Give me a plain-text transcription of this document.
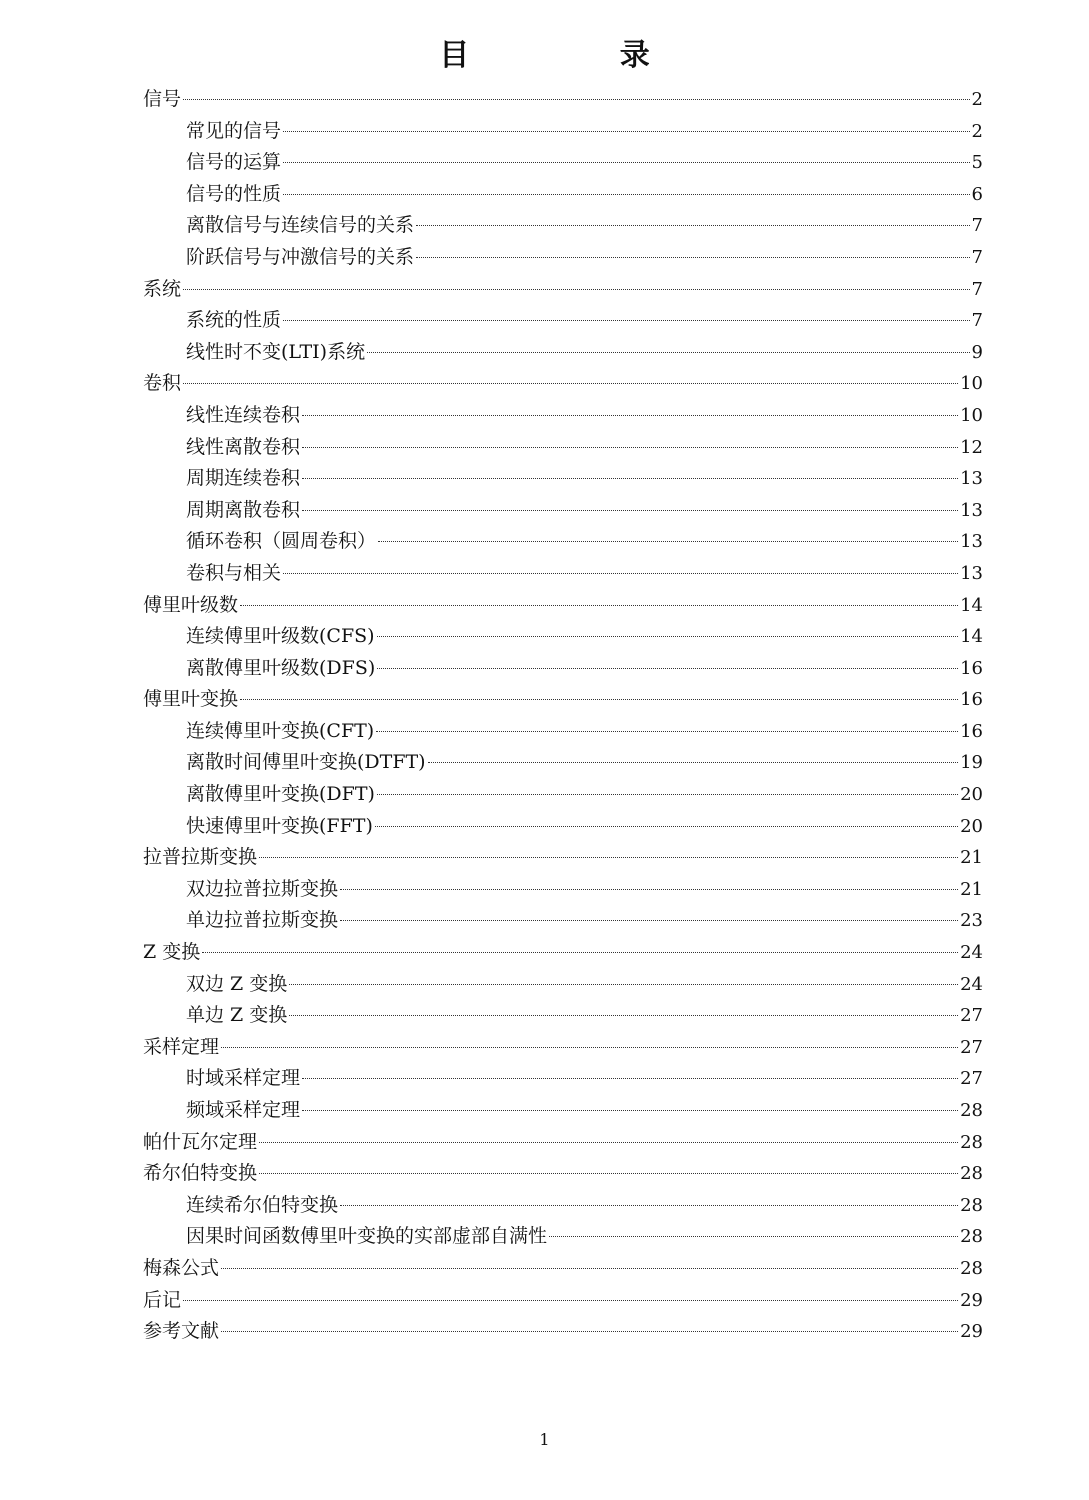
目 录
信号	2
常见的信号	2
信号的运算	5
信号的性质	6
离散信号与连续信号的关系	7
阶跃信号与冲激信号的关系	7
系统	7
系统的性质	7
线性时不变(LTI)系统	9
卷积	10
线性连续卷积	10
线性离散卷积	12
周期连续卷积	13
周期离散卷积	13
循环卷积（圆周卷积）	13
卷积与相关	13
傅里叶级数	14
连续傅里叶级数(CFS)	14
离散傅里叶级数(DFS)	16
傅里叶变换	16
连续傅里叶变换(CFT)	16
离散时间傅里叶变换(DTFT)	19
离散傅里叶变换(DFT)	20
快速傅里叶变换(FFT)	20
拉普拉斯变换	21
双边拉普拉斯变换	21
单边拉普拉斯变换	23
Z 变换	24
双边 Z 变换	24
单边 Z 变换	27
采样定理	27
时域采样定理	27
频域采样定理	28
帕什瓦尔定理	28
希尔伯特变换	28
连续希尔伯特变换	28
因果时间函数傅里叶变换的实部虚部自满性	28
梅森公式	28
后记	29
参考文献	29
1
